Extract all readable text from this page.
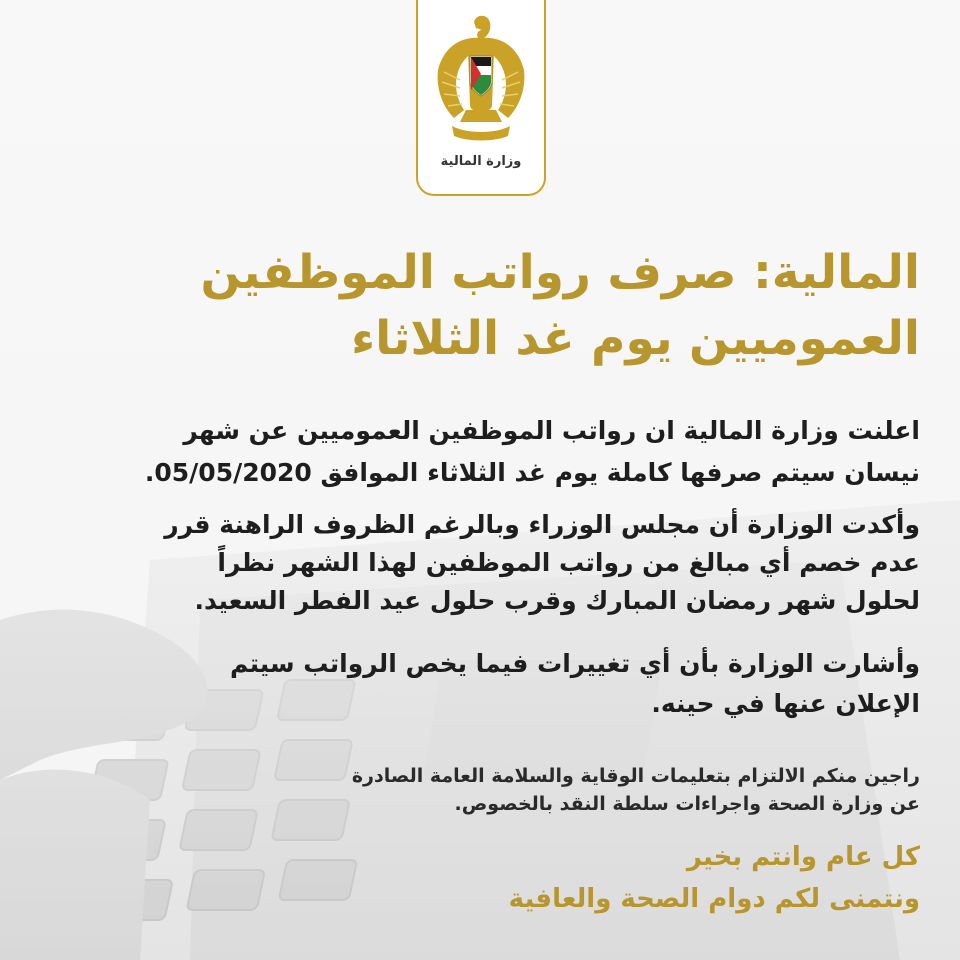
وزارة المالية
المالية: صرف رواتب الموظفين
العموميين يوم غد الثلاثاء

اعلنت وزارة المالية ان رواتب الموظفين العموميين عن شهر
نيسان سيتم صرفها كاملة يوم غد الثلاثاء الموافق 05/05/2020.

وأكدت الوزارة أن مجلس الوزراء وبالرغم الظروف الراهنة قرر
عدم خصم أي مبالغ من رواتب الموظفين لهذا الشهر نظراً
لحلول شهر رمضان المبارك وقرب حلول عيد الفطر السعيد.

وأشارت الوزارة بأن أي تغييرات فيما يخص الرواتب سيتم
الإعلان عنها في حينه.

راجين منكم الالتزام بتعليمات الوقاية والسلامة العامة الصادرة
عن وزارة الصحة واجراءات سلطة النقد بالخصوص.

كل عام وانتم بخير
ونتمنى لكم دوام الصحة والعافية
